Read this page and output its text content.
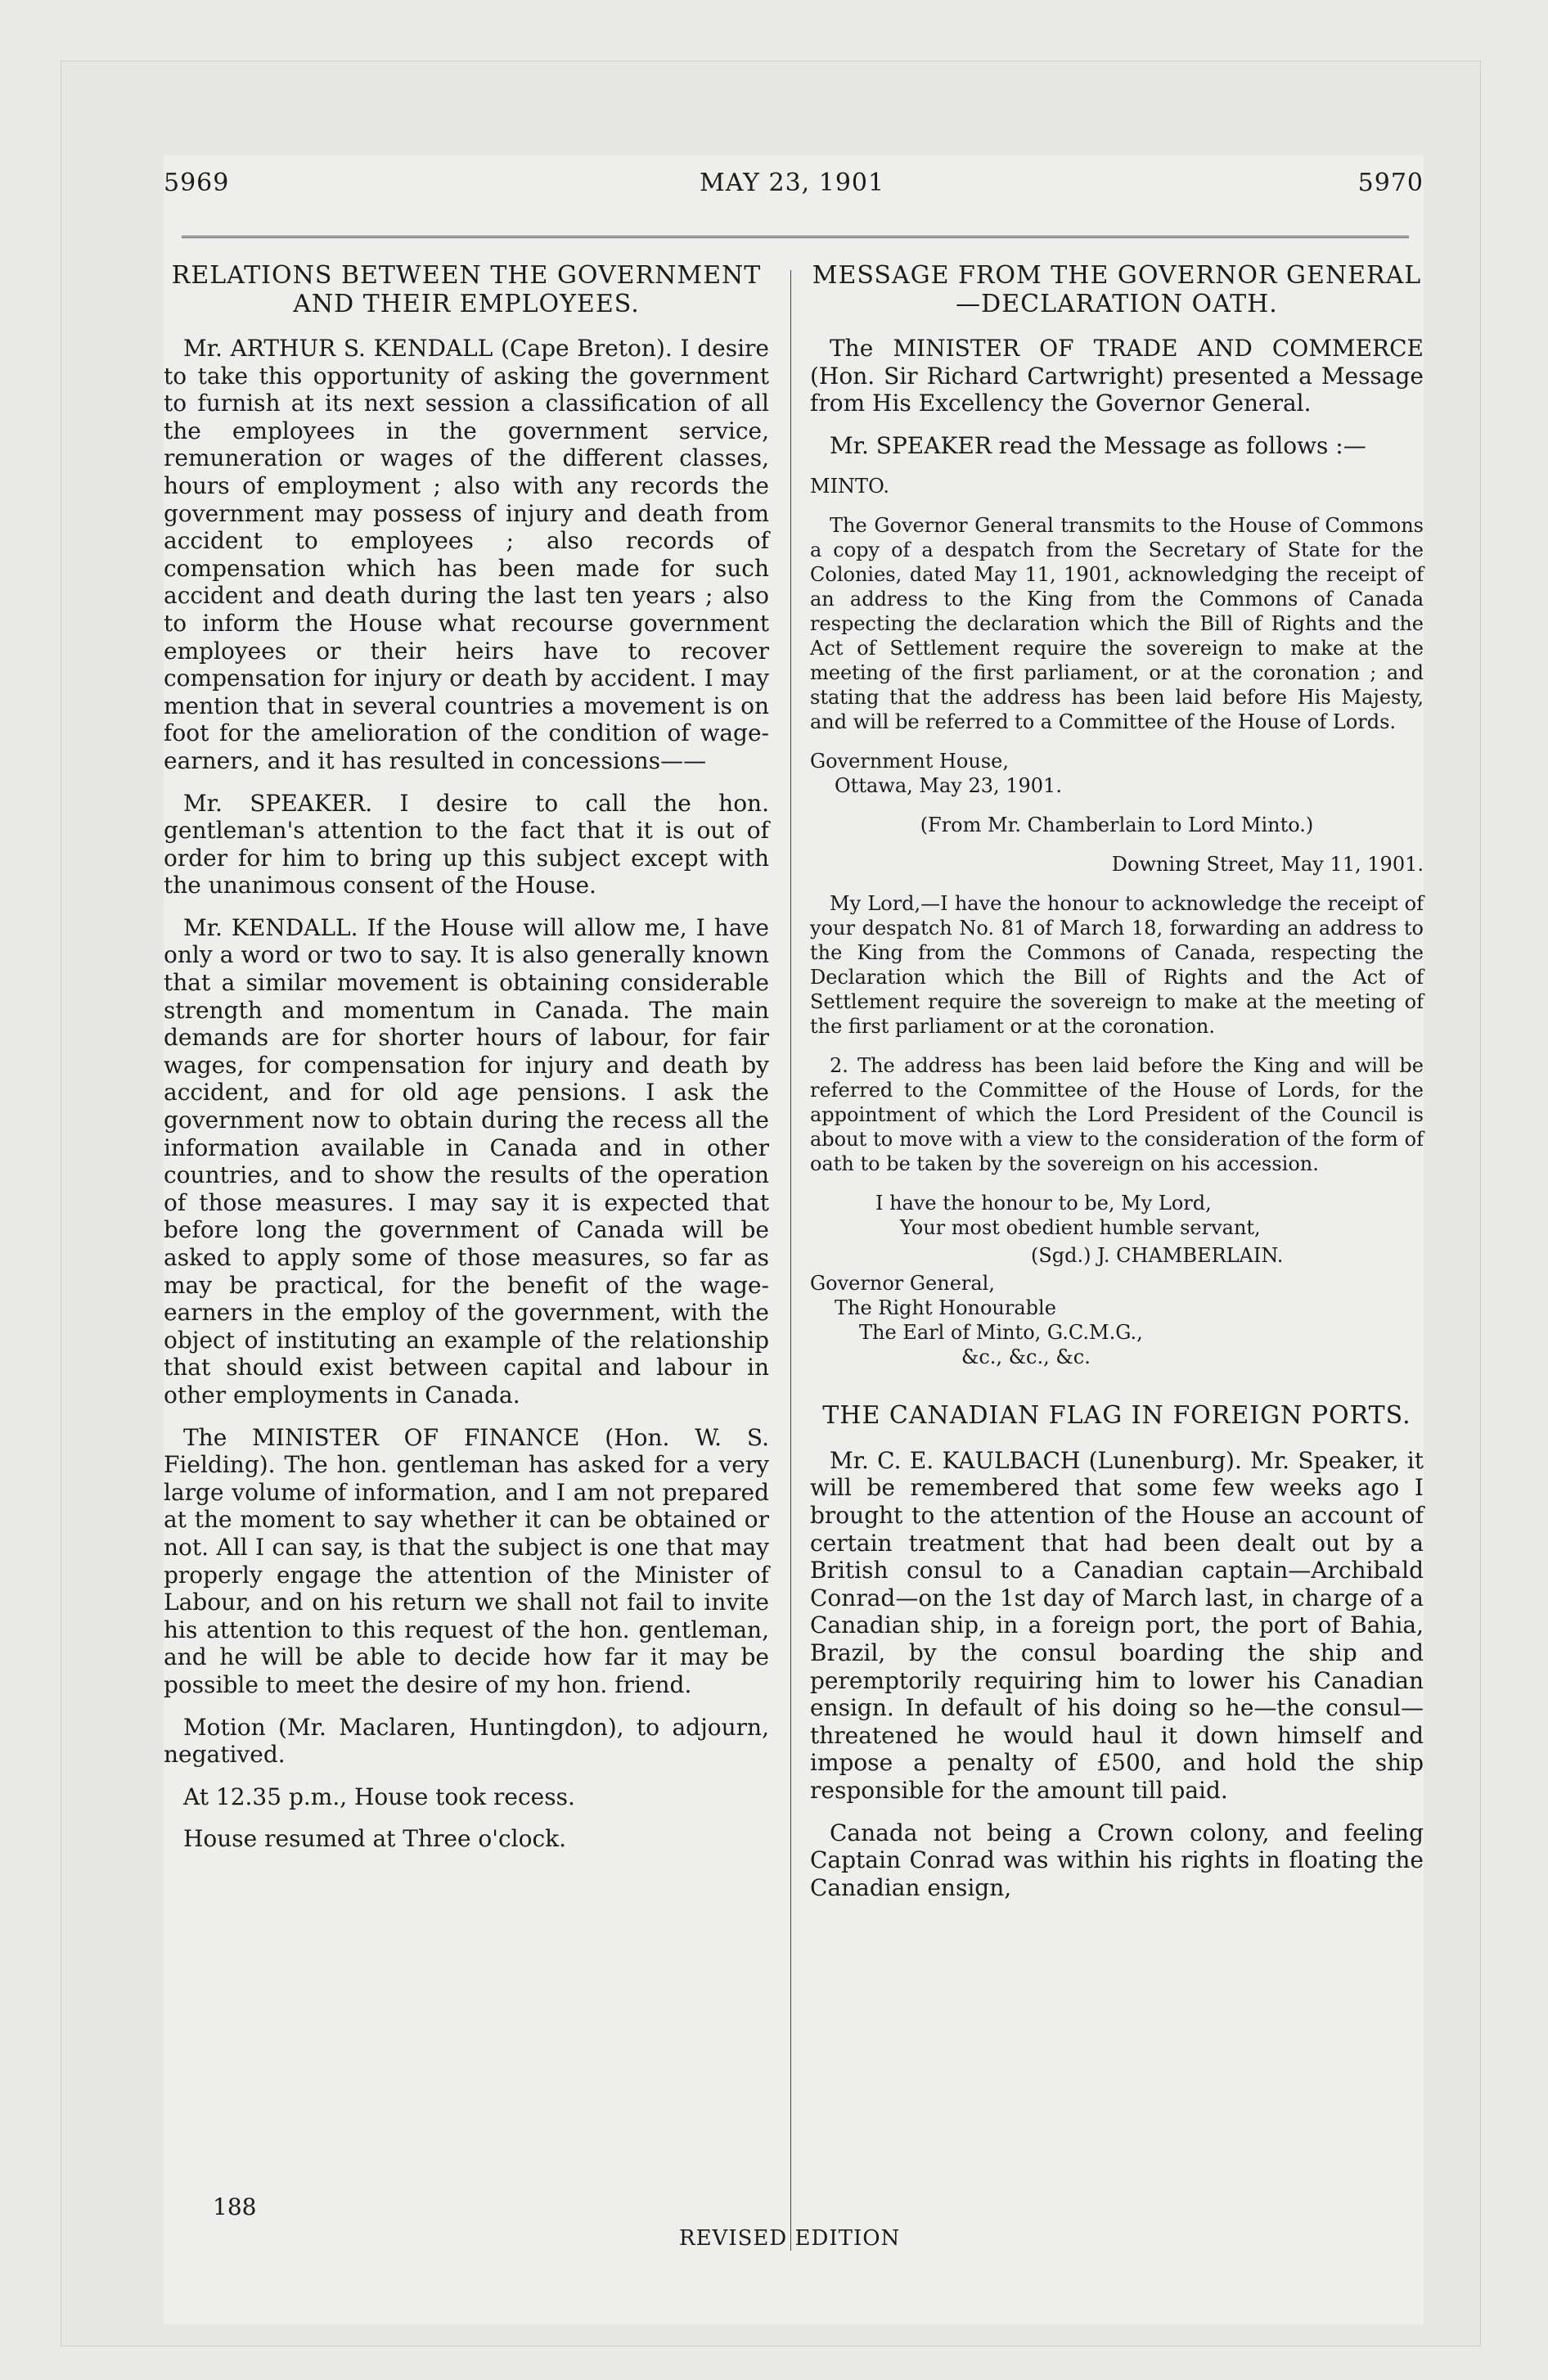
5969	MAY 23, 1901	5970
RELATIONS BETWEEN THE GOVERNMENT AND THEIR EMPLOYEES.

Mr. ARTHUR S. KENDALL (Cape Breton). I desire to take this opportunity of asking the government to furnish at its next session a classification of all the employees in the government service, remuneration or wages of the different classes, hours of employment ; also with any records the government may possess of injury and death from accident to employees ; also records of compensation which has been made for such accident and death during the last ten years ; also to inform the House what recourse government employees or their heirs have to recover compensation for injury or death by accident. I may mention that in several countries a movement is on foot for the amelioration of the condition of wage-earners, and it has resulted in concessions——

Mr. SPEAKER. I desire to call the hon. gentleman's attention to the fact that it is out of order for him to bring up this subject except with the unanimous consent of the House.

Mr. KENDALL. If the House will allow me, I have only a word or two to say. It is also generally known that a similar movement is obtaining considerable strength and momentum in Canada. The main demands are for shorter hours of labour, for fair wages, for compensation for injury and death by accident, and for old age pensions. I ask the government now to obtain during the recess all the information available in Canada and in other countries, and to show the results of the operation of those measures. I may say it is expected that before long the government of Canada will be asked to apply some of those measures, so far as may be practical, for the benefit of the wage-earners in the employ of the government, with the object of instituting an example of the relationship that should exist between capital and labour in other employments in Canada.

The MINISTER OF FINANCE (Hon. W. S. Fielding). The hon. gentleman has asked for a very large volume of information, and I am not prepared at the moment to say whether it can be obtained or not. All I can say, is that the subject is one that may properly engage the attention of the Minister of Labour, and on his return we shall not fail to invite his attention to this request of the hon. gentleman, and he will be able to decide how far it may be possible to meet the desire of my hon. friend.

Motion (Mr. Maclaren, Huntingdon), to adjourn, negatived.

At 12.35 p.m., House took recess.

House resumed at Three o'clock.

MESSAGE FROM THE GOVERNOR GENERAL—DECLARATION OATH.

The MINISTER OF TRADE AND COMMERCE (Hon. Sir Richard Cartwright) presented a Message from His Excellency the Governor General.

Mr. SPEAKER read the Message as follows :—

MINTO.

The Governor General transmits to the House of Commons a copy of a despatch from the Secretary of State for the Colonies, dated May 11, 1901, acknowledging the receipt of an address to the King from the Commons of Canada respecting the declaration which the Bill of Rights and the Act of Settlement require the sovereign to make at the meeting of the first parliament, or at the coronation ; and stating that the address has been laid before His Majesty, and will be referred to a Committee of the House of Lords.

Government House,

Ottawa, May 23, 1901.

(From Mr. Chamberlain to Lord Minto.)

Downing Street, May 11, 1901.

My Lord,—I have the honour to acknowledge the receipt of your despatch No. 81 of March 18, forwarding an address to the King from the Commons of Canada, respecting the Declaration which the Bill of Rights and the Act of Settlement require the sovereign to make at the meeting of the first parliament or at the coronation.

2. The address has been laid before the King and will be referred to the Committee of the House of Lords, for the appointment of which the Lord President of the Council is about to move with a view to the consideration of the form of oath to be taken by the sovereign on his accession.

I have the honour to be, My Lord,

Your most obedient humble servant,

(Sgd.) J. CHAMBERLAIN.

Governor General,

The Right Honourable

The Earl of Minto, G.C.M.G.,

&c., &c., &c.

THE CANADIAN FLAG IN FOREIGN PORTS.

Mr. C. E. KAULBACH (Lunenburg). Mr. Speaker, it will be remembered that some few weeks ago I brought to the attention of the House an account of certain treatment that had been dealt out by a British consul to a Canadian captain—Archibald Conrad—on the 1st day of March last, in charge of a Canadian ship, in a foreign port, the port of Bahia, Brazil, by the consul boarding the ship and peremptorily requiring him to lower his Canadian ensign. In default of his doing so he—the consul—threatened he would haul it down himself and impose a penalty of £500, and hold the ship responsible for the amount till paid.

Canada not being a Crown colony, and feeling Captain Conrad was within his rights in floating the Canadian ensign,

188
REVISED EDITION
